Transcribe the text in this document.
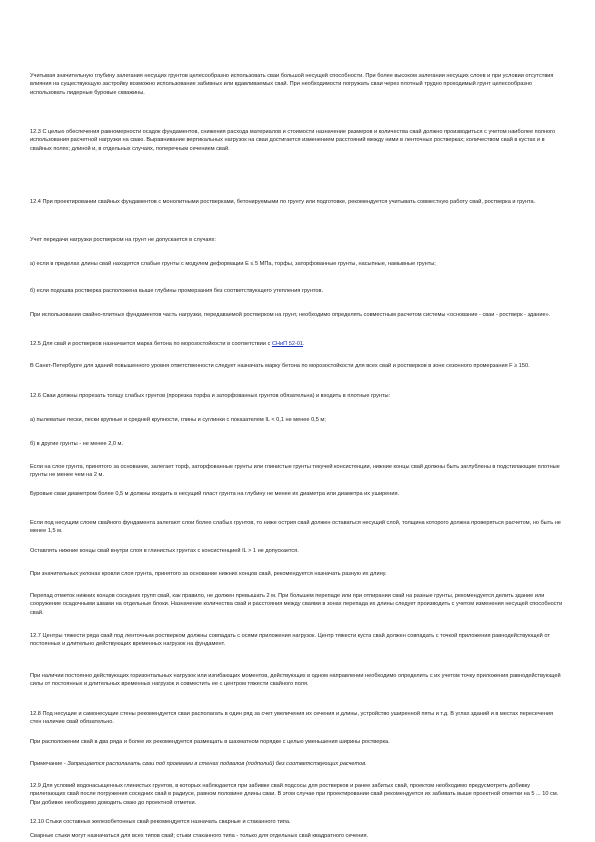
Учитывая значительную глубину залегания несущих грунтов целесообразно использовать сваи большой несущей способности. При более высоком залегании несущих слоев и при условии отсутствия влияния на существующую застройку возможно использование забивных или вдавливаемых свай. При необходимости погружать сваи через плотный трудно проходимый грунт целесообразно использовать лидерные буровые скважины.

12.3 С целью обеспечения равномерности осадок фундаментов, снижения расхода материалов и стоимости назначение размеров и количества свай должно производиться с учетом наиболее полного использования расчетной нагрузки на сваю. Выравнивание вертикальных нагрузок на сваи достигается изменением расстояний между ними в ленточных ростверках; количеством свай в кустах и в свайных полях; длиной и, в отдельных случаях, поперечным сечением свай.

12.4 При проектировании свайных фундаментов с монолитными ростверками, бетонируемыми по грунту или подготовке, рекомендуется учитывать совместную работу свай, ростверка и грунта.

Учет передачи нагрузки ростверком на грунт не допускается в случаях:

а) если в пределах длины свай находятся слабые грунты с модулем деформации Е ≤ 5 МПа, торфы, заторфованные грунты, насыпные, намывные грунты;

б) если подошва ростверка расположена выше глубины промерзания без соответствующего утепления грунтов.

При использовании свайно-плитных фундаментов часть нагрузки, передаваемой ростверком на грунт, необходимо определять совместным расчетом системы «основание - сваи - ростверк - здание».

12.5 Для свай и ростверков назначается марка бетона по морозостойкости в соответствии с СНиП 52-01.

В Санкт-Петербурге для зданий повышенного уровня ответственности следует назначать марку бетона по морозостойкости для всех свай и ростверков в зоне сезонного промерзания F ≥ 150.

12.6 Сваи должны прорезать толщу слабых грунтов (прорезка торфа и заторфованных грунтов обязательна) и входить в плотные грунты:

а) пылеватые пески, пески крупные и средней крупности, глины и суглинки с показателем IL < 0,1 не менее 0,5 м;

б) в другие грунты - не менее 2,0 м.

Если на слое грунта, принятого за основание, залегает торф, заторфованные грунты или глинистые грунты текучей консистенции, нижние концы свай должны быть заглублены в подстилающие плотные грунты не менее чем на 2 м.

Буровые сваи диаметром более 0,5 м должны входить в несущий пласт грунта на глубину не менее их диаметра или диаметра их уширения.

Если под несущим слоем свайного фундамента залегают слои более слабых грунтов, то ниже острия свай должен оставаться несущий слой, толщина которого должна проверяться расчетом, но быть не менее 1,5 м.

Оставлять нижние концы свай внутри слоя в глинистых грунтах с консистенцией IL > 1 не допускается.

При значительных уклонах кровли слоя грунта, принятого за основание нижних концов свай, рекомендуется назначать разную их длину.

Перепад отметок нижних концов соседних групп свай, как правило, не должен превышать 2 м. При большем перепаде или при отпирании свай на разные грунты, рекомендуется делить здание или сооружение осадочными швами на отдельные блоки. Назначение количества свай и расстояния между сваями в зонах перепада их длины следует производить с учетом изменения несущей способности свай.

12.7 Центры тяжести ряда свай под ленточным ростверком должны совпадать с осями приложения нагрузок. Центр тяжести куста свай должен совпадать с точкой приложения равнодействующей от постоянных и длительно действующих временных нагрузок на фундамент.

При наличии постоянно действующих горизонтальных нагрузок или изгибающих моментов, действующих в одном направлении необходимо определить с их учетом точку приложения равнодействующей силы от постоянных и длительных временных нагрузок и совместить ее с центром тяжести свайного поля.

12.8 Под несущие и самонесущие стены рекомендуется сваи располагать в один ряд за счет увеличения их сечения и длины, устройство уширенной пяты и т.д. В углах зданий и в местах пересечения стен наличие свай обязательно.

При расположении свай в два ряда и более их рекомендуется размещать в шахматном порядке с целью уменьшения ширины ростверка.

Примечание - Запрещается располагать сваи под проемами в стенах подвалов (подполий) без соответствующих расчетов.

12.9 Для условий водонасыщенных глинистых грунтов, в которых наблюдается при забивке свай подсосы для ростверков и ранее забитых свай, проектом необходимо предусмотреть добивку прилегающих свай после погружения соседних свай в радиусе, равном половине длины сваи. В этом случае при проектировании свай рекомендуется их забивать выше проектной отметки на 5 ... 10 см. При добивке необходимо доводить сваю до проектной отметки.

12.10 Стыки составных железобетонных свай рекомендуется назначать сварные и стаканного типа.

Сварные стыки могут назначаться для всех типов свай; стыки стаканного типа - только для отдельных свай квадратного сечения.
